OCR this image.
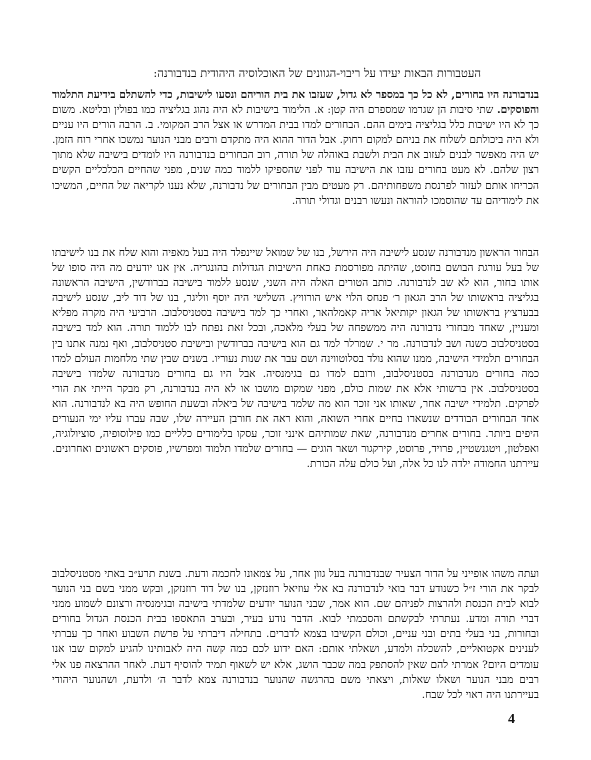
העטבורות הבאות יעידו על ריבוי-הגוונים של האוכלוסיה היהודית בנדבורנה:
בנדבורנה היו בחורים, לא כל כך במספר לא גדול, שעזבו את בית הוריהם ונסעו לישיבות, כדי להשתלם בידיעת התלמוד והפוסקים. שתי סיבות הן שגרמו שמספרם היה קטן: א. הלימוד בישיבות לא היה נהוג בגליציה כמו בפולין ובליטא. משום כך לא היו ישיבות כלל בגליציה בימים ההם. הבחורים למדו בבית המדרש או אצל הרב המקומי. ב. הרבה הורים היו עניים ולא היה ביכולתם לשלוח את בניהם למקום רחוק. אבל הדור ההוא היה מתקדם ורבים מבני הנוער נמשכו אחרי רוח הזמן. יש היה מאפשר לבנים לעזוב את הבית ולשבת באוהלה של תורה, רוב הבחורים בנדבורנה היו לומדים בישיבה שלא מתוך רצון שלהם. לא מעט בחורים עזבו את הישיבה עוד לפני שהספיקו ללמוד כמה שנים, מפני שהחיים הכלכליים הקשים הכריחו אותם לעזור לפרנסת משפחותיהם. רק מעטים מבין הבחורים של נדבורנה, שלא נענו לקריאה של החיים, המשיכו את לימודיהם עד שהוסמכו להוראה ונעשו רבנים וגדולי תורה.
הבחור הראשון מנדבורנה שנסע לישיבה היה הירשל, בנו של שמואל שיינפלד היה בעל מאפיה והוא שלח את בנו לישיבתו של בעל עורגת הבושם בחוסט, שהיתה מפורסמת כאחת הישיבות הגדולות בהונגריה. אין אנו יודעים מה היה סופו של אותו בחור, הוא לא שב לנדבורנה. כותב הטורים האלה היה השני, שנסע ללמוד בישיבה בברודשין, הישיבה הראשונה בגליציה בראשותו של הרב הגאון ר׳ פנחס הלוי איש הורוויץ. השלישי היה יוסף ווליגר, בנו של דוד ליב, שנסע לישיבה בבערצ׳ץ בראשותו של הגאון יקותיאל אריה קאמלהאר, ואחרי כך למד בישיבה בסטניסלבוב. הרביעי היה מקרה מפליא ומעניין, שאחד מבחורי נדבורנה היה ממשפחה של בעלי מלאכה, ובכל זאת נפתח לבו ללמוד תורה. הוא למד בישיבה בסטניסלבוב כשנה ושב לנדבורנה. מר י. שמרלר למד גם הוא בישיבה בברודשין ובישיבת סטניסלבוב, ואף נמנה אתנו בין הבחורים תלמידי הישיבה, ממנו שהוא נולד בסלוטווינה ושם עבר את שנות נעוריו. בשנים שבין שתי מלחמות העולם למדו כמה בחורים מנדבורנה בסטניסלבוב, ורובם למדו גם בגימנסיה. אבל היו גם בחורים מנדבורנה שלמדו בישיבה בסטניסלבוב. אין ברשותי אלא את שמות כולם, מפני שמקום מושבו או לא היה בנדבורנה, רק מבקר הייתי את הורי לפרקים. תלמידי ישיבה אחר, שאותו אני זוכר הוא מה שלמד בישיבה של ביאלה ובשעת החופש היה בא לנדבורנה. הוא אחד הבחורים הבודדים שנשארו בחיים אחרי השואה, והוא ראה את חורבן העיירה שלו, שבה עברו עליו ימי הנעורים היפים ביותר. בחורים אחרים מנדבורנה, שאת שמותיהם אינני זוכר, עסקו בלימודים כלליים כמו פילוסופיה, סוציולוגיה, ואפלטון, ויטגנשטיין, פרויד, פרוסט, קירקגור ושאר הוגים — בחורים שלמדו תלמוד ומפרשיו, פוסקים ראשונים ואחרונים. עיירתנו החמודה ילדה לנו כל אלה, ועל כולם עלה הכורת.
ועתה משהו אופייני על הדור הצעיר שבנדבורנה בעל גוון אחר, על צמאונו לחכמה ודעת. בשנת תרע״ב באתי מסטניסלבוב לבקר את הורי ז״ל כשנודע דבר בואי לנדבורנה בא אלי עוזיאל רוזנזקן, בנו של דוד רוזנזקן, ובקש ממני בשם בני הנוער לבוא לבית הכנסת ולהרצות לפניהם שם. הוא אמר, שבני הנוער יודעים שלמדתי בישיבה ובגימנסיה ורצונם לשמוע ממני דברי תורה ומדע. נעתרתי לבקשתם והסכמתי לבוא. הדבר נודע בעיר, ובערב התאספו בבית הכנסת הגדול בחורים ובחורות, בני בעלי בתים ובני עניים, וכולם הקשיבו בצמא לדברים. בתחילה דיברתי על פרשת השבוע ואחר כך עברתי לענינים אקטואליים, להשכלה ולמדע, ושאלתי אותם: האם ידוע לכם כמה קשה היה לאבותינו להגיע למקום שבו אנו עומדים היום? אמרתי להם שאין להסתפק במה שכבר הושג, אלא יש לשאוף תמיד להוסיף דעת. לאחר ההרצאה פנו אלי רבים מבני הנוער ושאלו שאלות, ויצאתי משם בהרגשה שהנוער בנדבורנה צמא לדבר ה׳ ולדעת, ושהנוער היהודי בעיירתנו היה ראוי לכל שבח.
4
